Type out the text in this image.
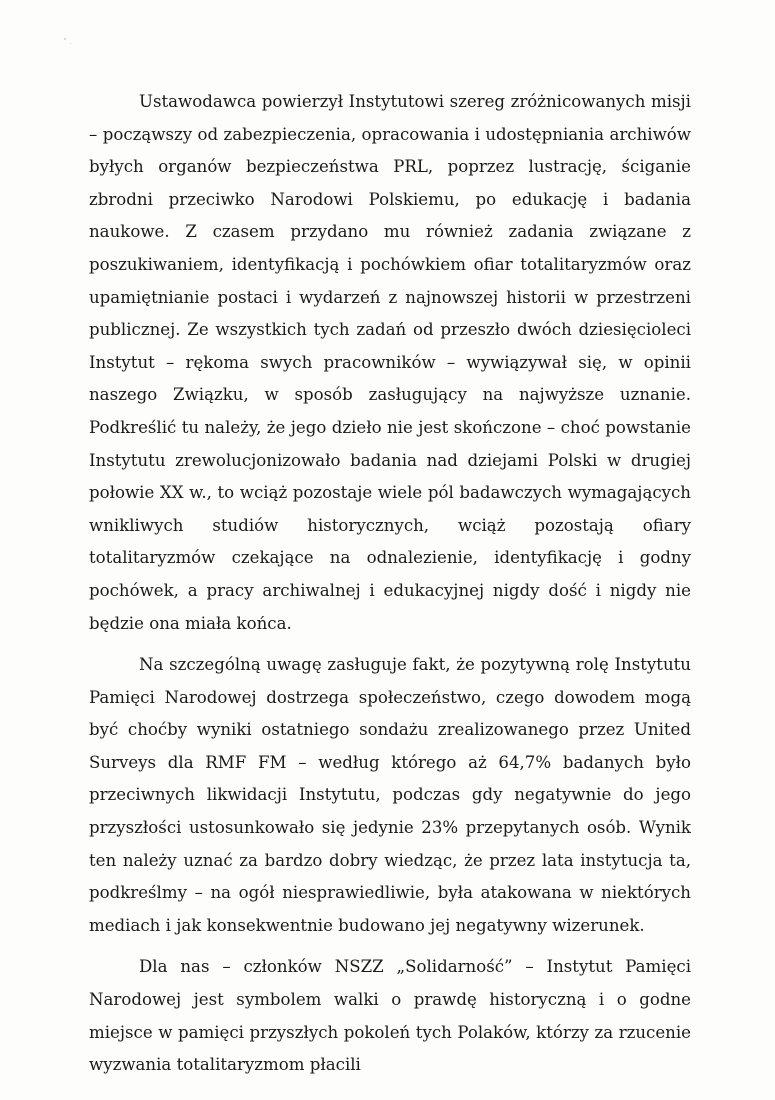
Ustawodawca powierzył Instytutowi szereg zróżnicowanych misji – począwszy od zabezpieczenia, opracowania i udostępniania archiwów byłych organów bezpieczeństwa PRL, poprzez lustrację, ściganie zbrodni przeciwko Narodowi Polskiemu, po edukację i badania naukowe. Z czasem przydano mu również zadania związane z poszukiwaniem, identyfikacją i pochówkiem ofiar totalitaryzmów oraz upamiętnianie postaci i wydarzeń z najnowszej historii w przestrzeni publicznej. Ze wszystkich tych zadań od przeszło dwóch dziesięcioleci Instytut – rękoma swych pracowników – wywiązywał się, w opinii naszego Związku, w sposób zasługujący na najwyższe uznanie. Podkreślić tu należy, że jego dzieło nie jest skończone – choć powstanie Instytutu zrewolucjonizowało badania nad dziejami Polski w drugiej połowie XX w., to wciąż pozostaje wiele pól badawczych wymagających wnikliwych studiów historycznych, wciąż pozostają ofiary totalitaryzmów czekające na odnalezienie, identyfikację i godny pochówek, a pracy archiwalnej i edukacyjnej nigdy dość i nigdy nie będzie ona miała końca.

Na szczególną uwagę zasługuje fakt, że pozytywną rolę Instytutu Pamięci Narodowej dostrzega społeczeństwo, czego dowodem mogą być choćby wyniki ostatniego sondażu zrealizowanego przez United Surveys dla RMF FM – według którego aż 64,7% badanych było przeciwnych likwidacji Instytutu, podczas gdy negatywnie do jego przyszłości ustosunkowało się jedynie 23% przepytanych osób. Wynik ten należy uznać za bardzo dobry wiedząc, że przez lata instytucja ta, podkreślmy – na ogół niesprawiedliwie, była atakowana w niektórych mediach i jak konsekwentnie budowano jej negatywny wizerunek.

Dla nas – członków NSZZ „Solidarność” – Instytut Pamięci Narodowej jest symbolem walki o prawdę historyczną i o godne miejsce w pamięci przyszłych pokoleń tych Polaków, którzy za rzucenie wyzwania totalitaryzmom płacili
